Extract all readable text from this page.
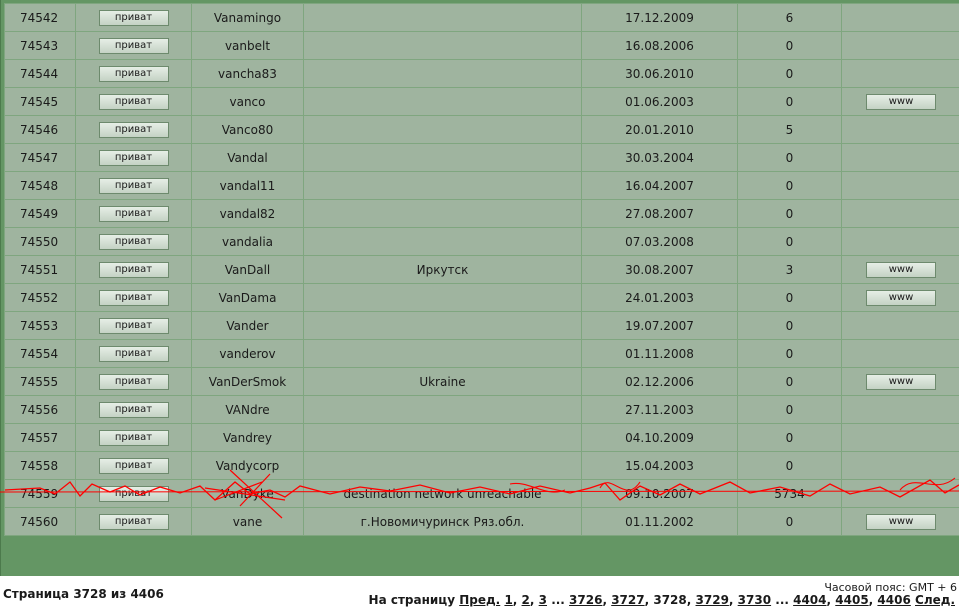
74542	приват	Vanamingo		17.12.2009	6	
74543	приват	vanbelt		16.08.2006	0	
74544	приват	vancha83		30.06.2010	0	
74545	приват	vanco		01.06.2003	0	www
74546	приват	Vanco80		20.01.2010	5	
74547	приват	Vandal		30.03.2004	0	
74548	приват	vandal11		16.04.2007	0	
74549	приват	vandal82		27.08.2007	0	
74550	приват	vandalia		07.03.2008	0	
74551	приват	VanDall	Иркутск	30.08.2007	3	www
74552	приват	VanDama		24.01.2003	0	www
74553	приват	Vander		19.07.2007	0	
74554	приват	vanderov		01.11.2008	0	
74555	приват	VanDerSmok	Ukraine	02.12.2006	0	www
74556	приват	VANdre		27.11.2003	0	
74557	приват	Vandrey		04.10.2009	0	
74558	приват	Vandycorp		15.04.2003	0	
74559	приват	VanDyke	destination network unreachable	09.10.2007	5734	
74560	приват	vane	г.Новомичуринск Ряз.обл.	01.11.2002	0	www
Страница 3728 из 4406	Часовой пояс: GMT + 6
На страницу Пред. 1, 2, 3 ... 3726, 3727, 3728, 3729, 3730 ... 4404, 4405, 4406 След.
